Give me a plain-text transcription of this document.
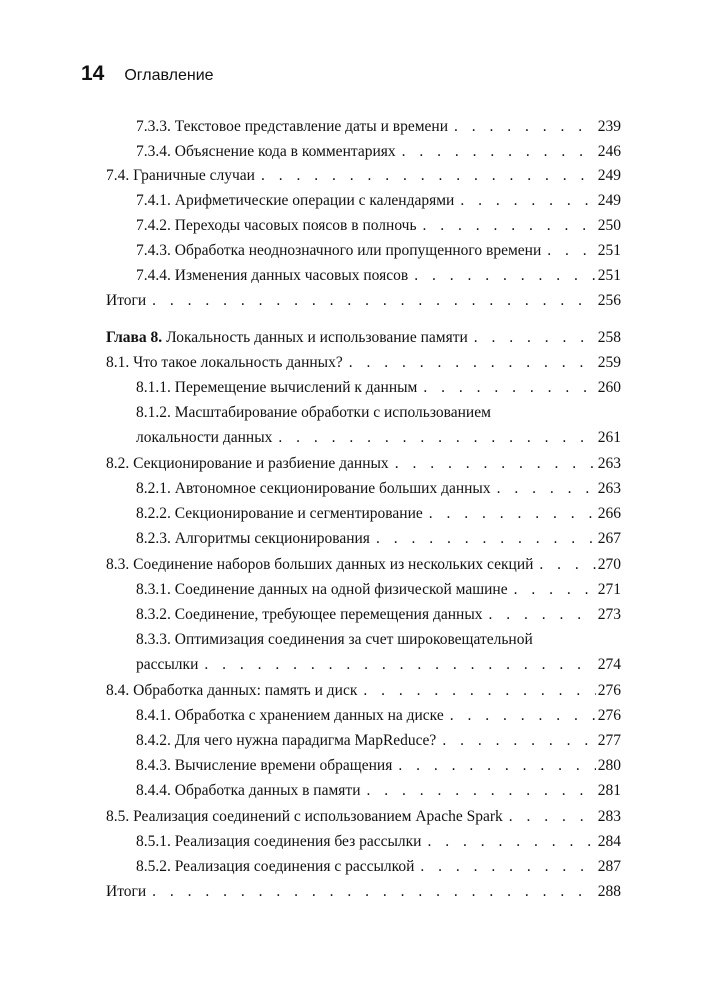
14 Оглавление
7.3.3. Текстовое представление даты и времени . . .	239
7.3.4. Объяснение кода в комментариях . . .	246
7.4. Граничные случаи . . .	249
7.4.1. Арифметические операции с календарями . . .	249
7.4.2. Переходы часовых поясов в полночь . . .	250
7.4.3. Обработка неоднозначного или пропущенного времени . . .	251
7.4.4. Изменения данных часовых поясов . . .	251
Итоги . . .	256
Глава 8. Локальность данных и использование памяти . . .	258
8.1. Что такое локальность данных? . . .	259
8.1.1. Перемещение вычислений к данным . . .	260
8.1.2. Масштабирование обработки с использованием
локальности данных . . .	261
8.2. Секционирование и разбиение данных . . .	263
8.2.1. Автономное секционирование больших данных . . .	263
8.2.2. Секционирование и сегментирование . . .	266
8.2.3. Алгоритмы секционирования . . .	267
8.3. Соединение наборов больших данных из нескольких секций . . .	270
8.3.1. Соединение данных на одной физической машине . . .	271
8.3.2. Соединение, требующее перемещения данных . . .	273
8.3.3. Оптимизация соединения за счет широковещательной
рассылки . . .	274
8.4. Обработка данных: память и диск . . .	276
8.4.1. Обработка с хранением данных на диске . . .	276
8.4.2. Для чего нужна парадигма MapReduce? . . .	277
8.4.3. Вычисление времени обращения . . .	280
8.4.4. Обработка данных в памяти . . .	281
8.5. Реализация соединений с использованием Apache Spark . . .	283
8.5.1. Реализация соединения без рассылки . . .	284
8.5.2. Реализация соединения с рассылкой . . .	287
Итоги . . .	288
